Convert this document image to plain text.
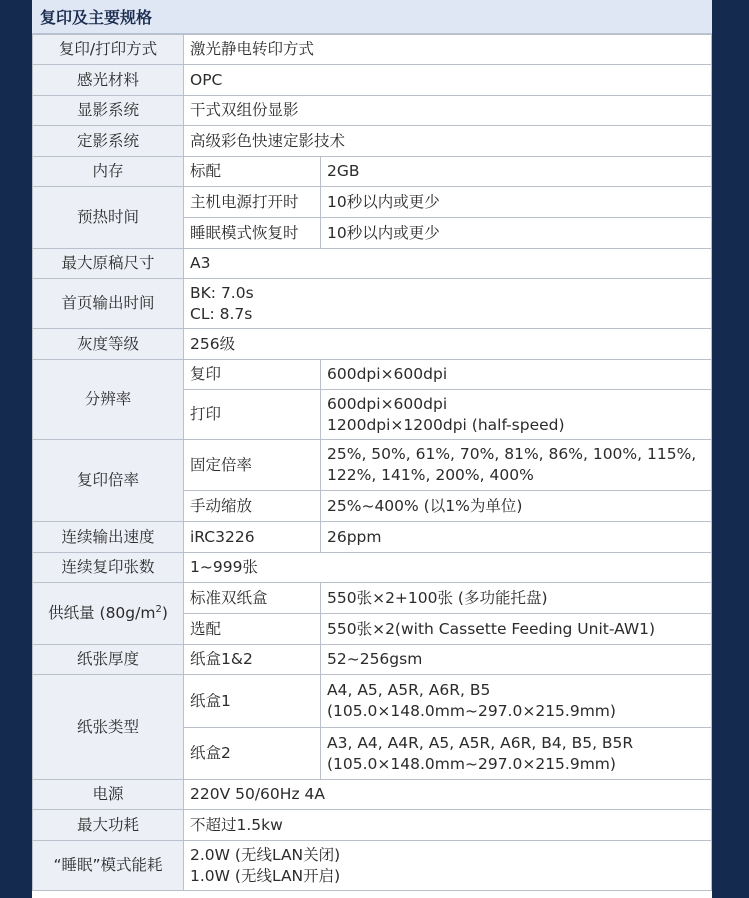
复印及主要规格
复印/打印方式	激光静电转印方式	
感光材料	OPC	
显影系统	干式双组份显影	
定影系统	高级彩色快速定影技术	
内存	标配	2GB
预热时间	主机电源打开时	10秒以内或更少
	睡眠模式恢复时	10秒以内或更少
最大原稿尺寸	A3	
首页输出时间	BK: 7.0s
CL: 8.7s	

灰度等级	256级	
分辨率	复印	600dpi×600dpi
	打印	600dpi×600dpi
1200dpi×1200dpi (half-speed)

复印倍率	固定倍率	25%, 50%, 61%, 70%, 81%, 86%, 100%, 115%,
122%, 141%, 200%, 400%

	手动缩放	25%~400% (以1%为单位)
连续输出速度	iRC3226	26ppm
连续复印张数	1~999张	
供纸量 $(80g/m^2)$	标准双纸盒	550张×2+100张 (多功能托盘)
	选配	550张×2(with Cassette Feeding Unit-AW1)
纸张厚度	纸盒1&2	52~256gsm
纸张类型	纸盒1	A4, A5, A5R, A6R, B5
(105.0×148.0mm~297.0×215.9mm)

	纸盒2	A3, A4, A4R, A5, A5R, A6R, B4, B5, B5R
(105.0×148.0mm~297.0×215.9mm)

电源	220V 50/60Hz 4A	
最大功耗	不超过1.5kw	
“睡眠”模式能耗	2.0W (无线LAN关闭)
1.0W (无线LAN开启)	
